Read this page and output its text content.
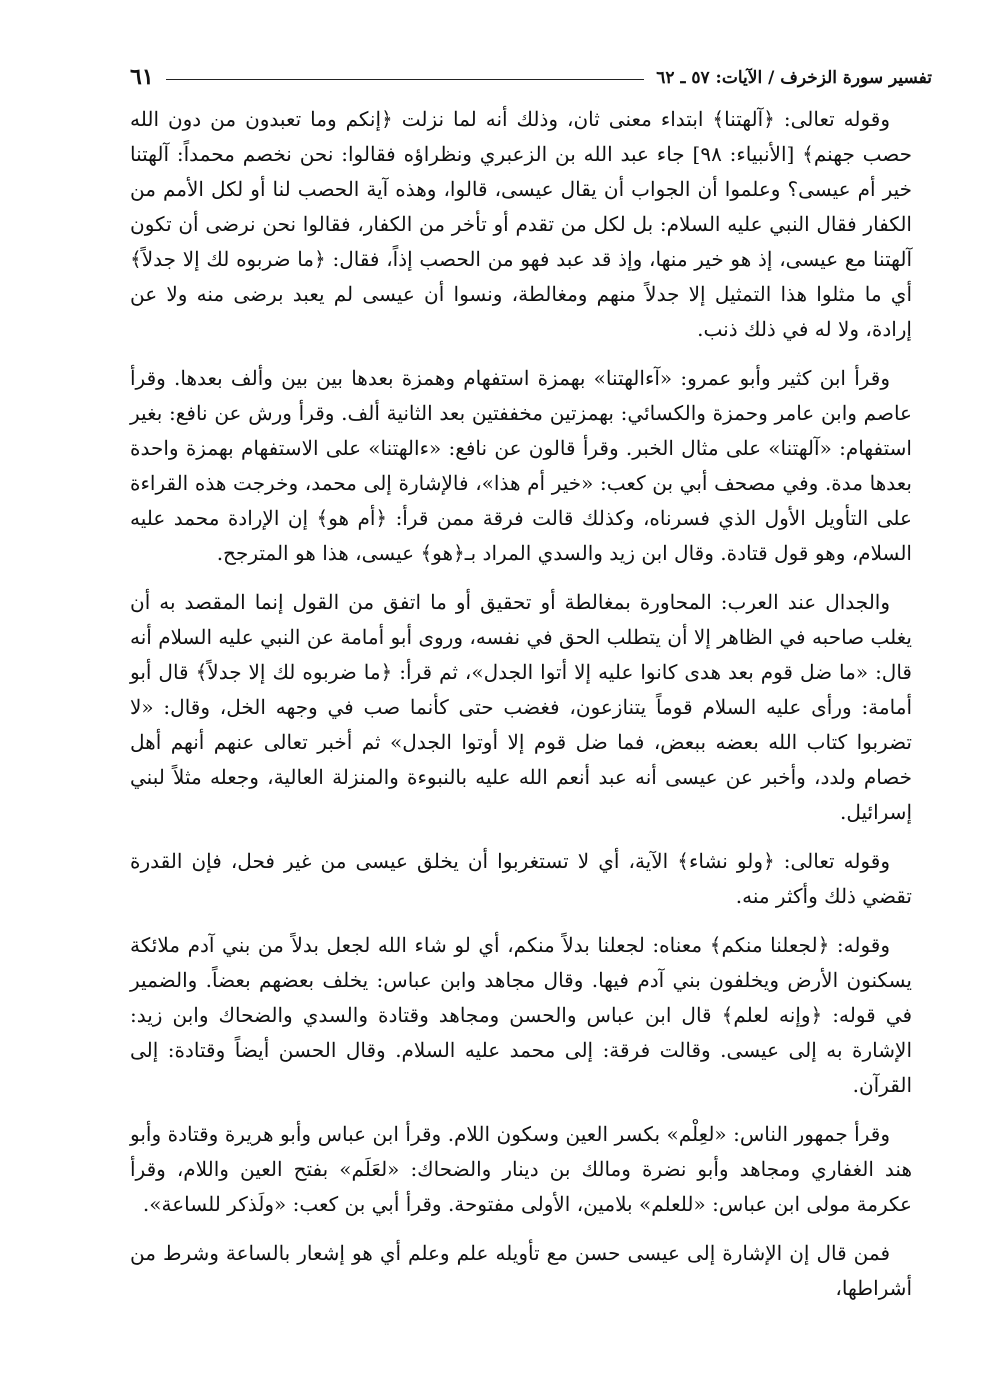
تفسير سورة الزخرف / الآيات: ٥٧ ـ ٦٢
٦١

وقوله تعالى: ﴿آلهتنا﴾ ابتداء معنى ثان، وذلك أنه لما نزلت ﴿إنكم وما تعبدون من دون الله حصب جهنم﴾ [الأنبياء: ٩٨] جاء عبد الله بن الزعبري ونظراؤه فقالوا: نحن نخصم محمداً: آلهتنا خير أم عيسى؟ وعلموا أن الجواب أن يقال عيسى، قالوا، وهذه آية الحصب لنا أو لكل الأمم من الكفار فقال النبي عليه السلام: بل لكل من تقدم أو تأخر من الكفار، فقالوا نحن نرضى أن تكون آلهتنا مع عيسى، إذ هو خير منها، وإذ قد عبد فهو من الحصب إذاً، فقال: ﴿ما ضربوه لك إلا جدلاً﴾ أي ما مثلوا هذا التمثيل إلا جدلاً منهم ومغالطة، ونسوا أن عيسى لم يعبد برضى منه ولا عن إرادة، ولا له في ذلك ذنب.

وقرأ ابن كثير وأبو عمرو: «آءالهتنا» بهمزة استفهام وهمزة بعدها بين بين وألف بعدها. وقرأ عاصم وابن عامر وحمزة والكسائي: بهمزتين مخففتين بعد الثانية ألف. وقرأ ورش عن نافع: بغير استفهام: «آلهتنا» على مثال الخبر. وقرأ قالون عن نافع: «ءالهتنا» على الاستفهام بهمزة واحدة بعدها مدة. وفي مصحف أبي بن كعب: «خير أم هذا»، فالإشارة إلى محمد، وخرجت هذه القراءة على التأويل الأول الذي فسرناه، وكذلك قالت فرقة ممن قرأ: ﴿أم هو﴾ إن الإرادة محمد عليه السلام، وهو قول قتادة. وقال ابن زيد والسدي المراد بـ﴿هو﴾ عيسى، هذا هو المترجح.

والجدال عند العرب: المحاورة بمغالطة أو تحقيق أو ما اتفق من القول إنما المقصد به أن يغلب صاحبه في الظاهر إلا أن يتطلب الحق في نفسه، وروى أبو أمامة عن النبي عليه السلام أنه قال: «ما ضل قوم بعد هدى كانوا عليه إلا أتوا الجدل»، ثم قرأ: ﴿ما ضربوه لك إلا جدلاً﴾ قال أبو أمامة: ورأى عليه السلام قوماً يتنازعون، فغضب حتى كأنما صب في وجهه الخل، وقال: «لا تضربوا كتاب الله بعضه ببعض، فما ضل قوم إلا أوتوا الجدل» ثم أخبر تعالى عنهم أنهم أهل خصام ولدد، وأخبر عن عيسى أنه عبد أنعم الله عليه بالنبوءة والمنزلة العالية، وجعله مثلاً لبني إسرائيل.

وقوله تعالى: ﴿ولو نشاء﴾ الآية، أي لا تستغربوا أن يخلق عيسى من غير فحل، فإن القدرة تقضي ذلك وأكثر منه.

وقوله: ﴿لجعلنا منكم﴾ معناه: لجعلنا بدلاً منكم، أي لو شاء الله لجعل بدلاً من بني آدم ملائكة يسكنون الأرض ويخلفون بني آدم فيها. وقال مجاهد وابن عباس: يخلف بعضهم بعضاً. والضمير في قوله: ﴿وإنه لعلم﴾ قال ابن عباس والحسن ومجاهد وقتادة والسدي والضحاك وابن زيد: الإشارة به إلى عيسى. وقالت فرقة: إلى محمد عليه السلام. وقال الحسن أيضاً وقتادة: إلى القرآن.

وقرأ جمهور الناس: «لعِلْم» بكسر العين وسكون اللام. وقرأ ابن عباس وأبو هريرة وقتادة وأبو هند الغفاري ومجاهد وأبو نضرة ومالك بن دينار والضحاك: «لعَلَم» بفتح العين واللام، وقرأ عكرمة مولى ابن عباس: «للعلم» بلامين، الأولى مفتوحة. وقرأ أبي بن كعب: «ولَذكر للساعة».

فمن قال إن الإشارة إلى عيسى حسن مع تأويله علم وعلم أي هو إشعار بالساعة وشرط من أشراطها،
